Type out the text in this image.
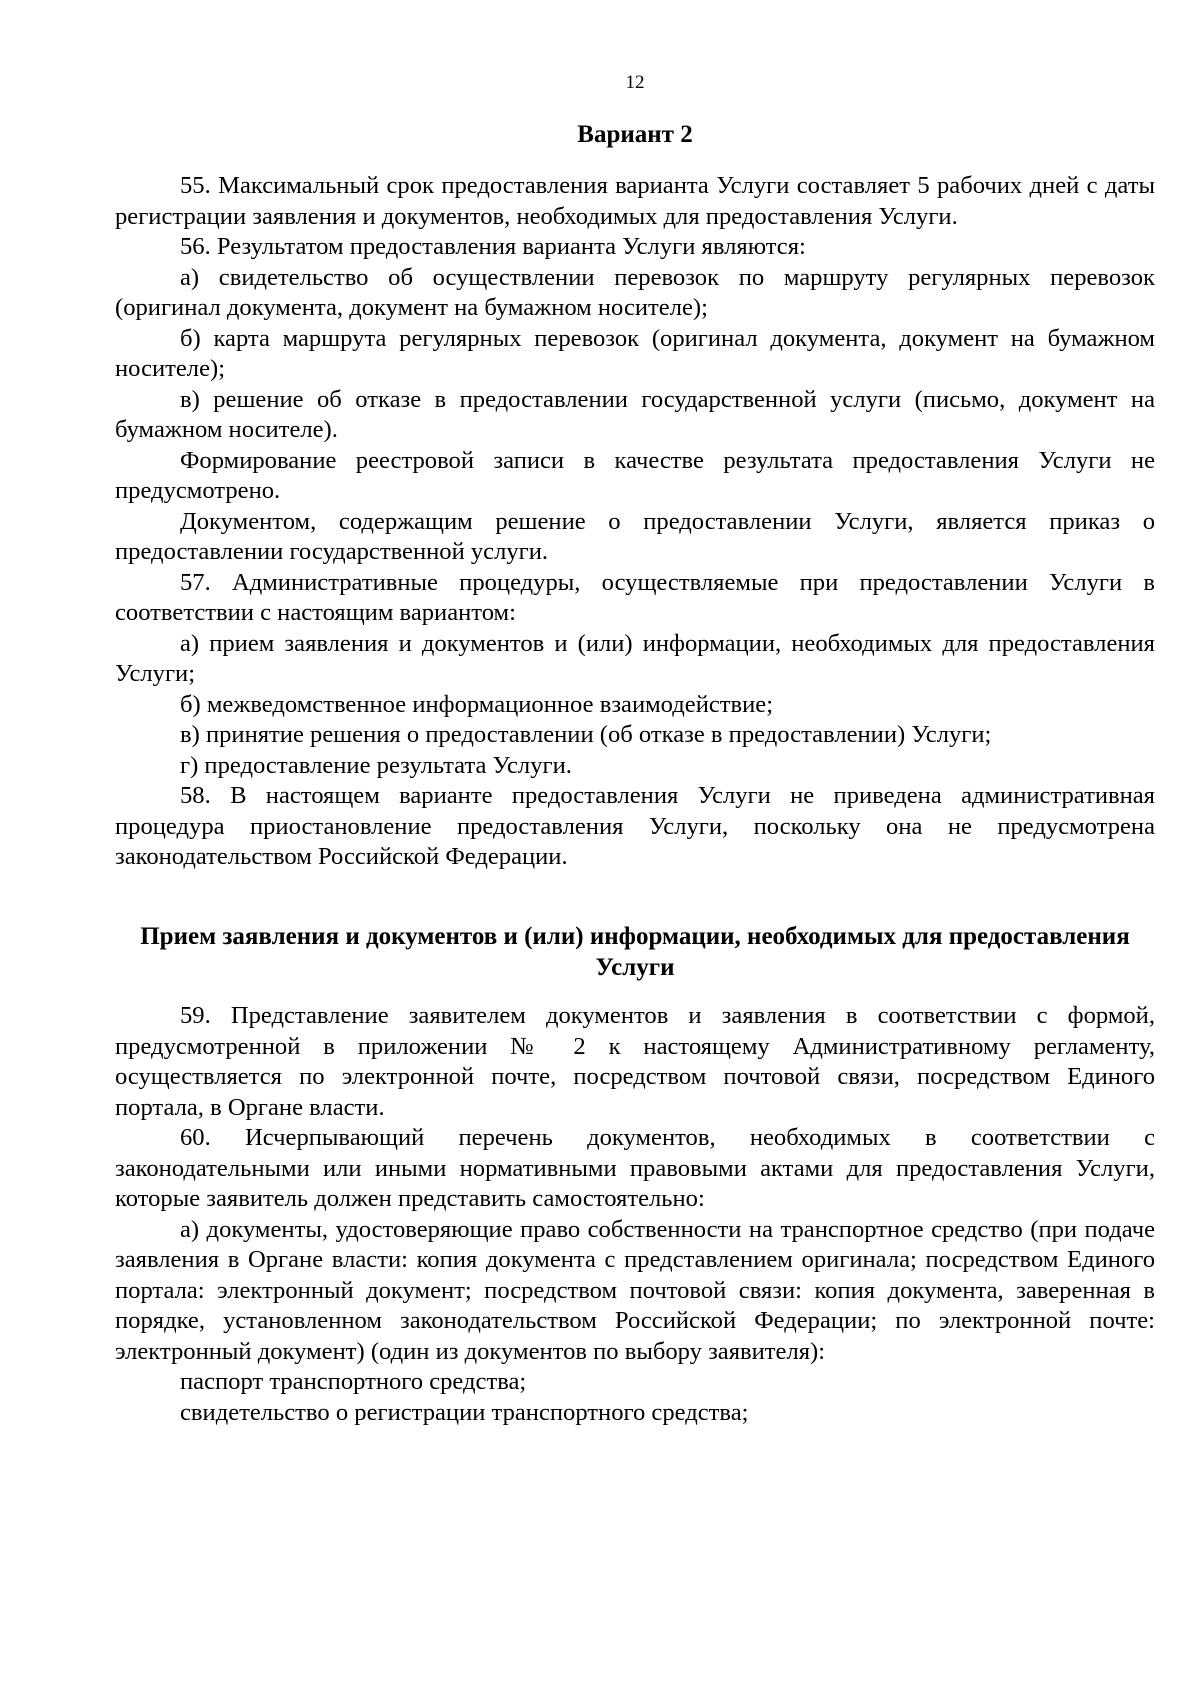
12
Вариант 2

55. Максимальный срок предоставления варианта Услуги составляет 5 рабочих дней с даты регистрации заявления и документов, необходимых для предоставления Услуги.

56. Результатом предоставления варианта Услуги являются:

а) свидетельство об осуществлении перевозок по маршруту регулярных перевозок (оригинал документа, документ на бумажном носителе);

б) карта маршрута регулярных перевозок (оригинал документа, документ на бумажном носителе);

в) решение об отказе в предоставлении государственной услуги (письмо, документ на бумажном носителе).

Формирование реестровой записи в качестве результата предоставления Услуги не предусмотрено.

Документом, содержащим решение о предоставлении Услуги, является приказ о предоставлении государственной услуги.

57. Административные процедуры, осуществляемые при предоставлении Услуги в соответствии с настоящим вариантом:

а) прием заявления и документов и (или) информации, необходимых для предоставления Услуги;

б) межведомственное информационное взаимодействие;

в) принятие решения о предоставлении (об отказе в предоставлении) Услуги;

г) предоставление результата Услуги.

58. В настоящем варианте предоставления Услуги не приведена административная процедура приостановление предоставления Услуги, поскольку она не предусмотрена законодательством Российской Федерации.

Прием заявления и документов и (или) информации, необходимых для предоставления Услуги

59. Представление заявителем документов и заявления в соответствии с формой, предусмотренной в приложении № 2 к настоящему Административному регламенту, осуществляется по электронной почте, посредством почтовой связи, посредством Единого портала, в Органе власти.

60. Исчерпывающий перечень документов, необходимых в соответствии с законодательными или иными нормативными правовыми актами для предоставления Услуги, которые заявитель должен представить самостоятельно:

а) документы, удостоверяющие право собственности на транспортное средство (при подаче заявления в Органе власти: копия документа с представлением оригинала; посредством Единого портала: электронный документ; посредством почтовой связи: копия документа, заверенная в порядке, установленном законодательством Российской Федерации; по электронной почте: электронный документ) (один из документов по выбору заявителя):

паспорт транспортного средства;

свидетельство о регистрации транспортного средства;
